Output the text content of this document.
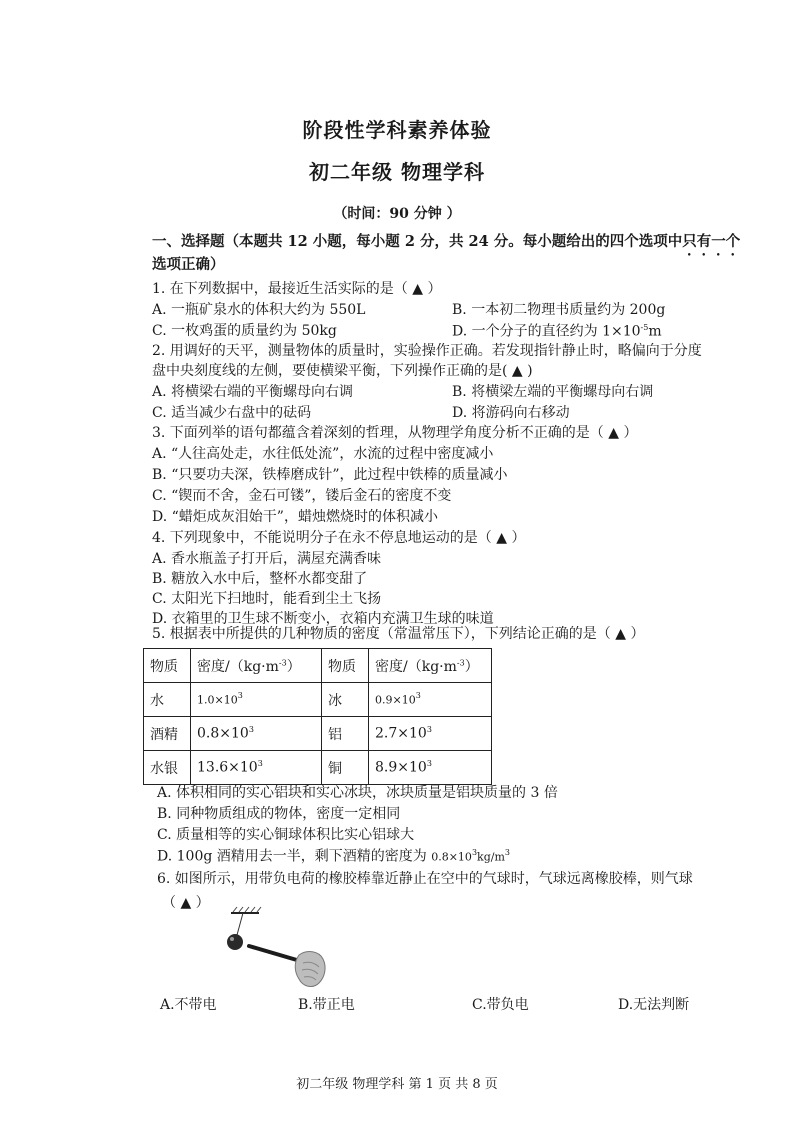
阶段性学科素养体验
初二年级 物理学科
（时间：90 分钟 ）
一、选择题（本题共 12 小题，每小题 2 分，共 24 分。每小题给出的四个选项中只有一个
选项正确）
1. 在下列数据中，最接近生活实际的是（ ▲ ）
A. 一瓶矿泉水的体积大约为 550L	B. 一本初二物理书质量约为 200g
C. 一枚鸡蛋的质量约为 50kg	D. 一个分子的直径约为 $1\times 10^{-5}m$
2. 用调好的天平，测量物体的质量时，实验操作正确。若发现指针静止时，略偏向于分度
盘中央刻度线的左侧，要使横梁平衡，下列操作正确的是( ▲ )
A. 将横梁右端的平衡螺母向右调	B. 将横梁左端的平衡螺母向右调
C. 适当减少右盘中的砝码	D. 将游码向右移动
3. 下面列举的语句都蕴含着深刻的哲理，从物理学角度分析不正确的是（ ▲ ）
A. “人往高处走，水往低处流”，水流的过程中密度减小
B. “只要功夫深，铁棒磨成针”，此过程中铁棒的质量减小
C. “锲而不舍，金石可镂”，镂后金石的密度不变
D. “蜡炬成灰泪始干”，蜡烛燃烧时的体积减小
4. 下列现象中，不能说明分子在永不停息地运动的是（ ▲ ）
A. 香水瓶盖子打开后，满屋充满香味
B. 糖放入水中后，整杯水都变甜了
C. 太阳光下扫地时，能看到尘土飞扬
D. 衣箱里的卫生球不断变小，衣箱内充满卫生球的味道
5. 根据表中所提供的几种物质的密度（常温常压下），下列结论正确的是（ ▲ ）
物质	密度$/(kg\cdot m^{-3})$	物质	密度$/(kg\cdot m^{-3})$
水	$1.0\times 10^3$	冰	$0.9\times 10^3$
酒精	$0.8\times 10^3$	铝	$2.7\times 10^3$
水银	$13.6\times 10^3$	铜	$8.9\times 10^3$
A. 体积相同的实心铝块和实心冰块，冰块质量是铝块质量的 3 倍
B. 同种物质组成的物体，密度一定相同
C. 质量相等的实心铜球体积比实心铝球大
D. 100g 酒精用去一半，剩下酒精的密度为 $0.8\times 10^3kg/m^3$
6. 如图所示，用带负电荷的橡胶棒靠近静止在空中的气球时，气球远离橡胶棒，则气球
（ ▲ ）
A.不带电	B.带正电	C.带负电	D.无法判断
初二年级 物理学科 第 1 页 共 8 页
